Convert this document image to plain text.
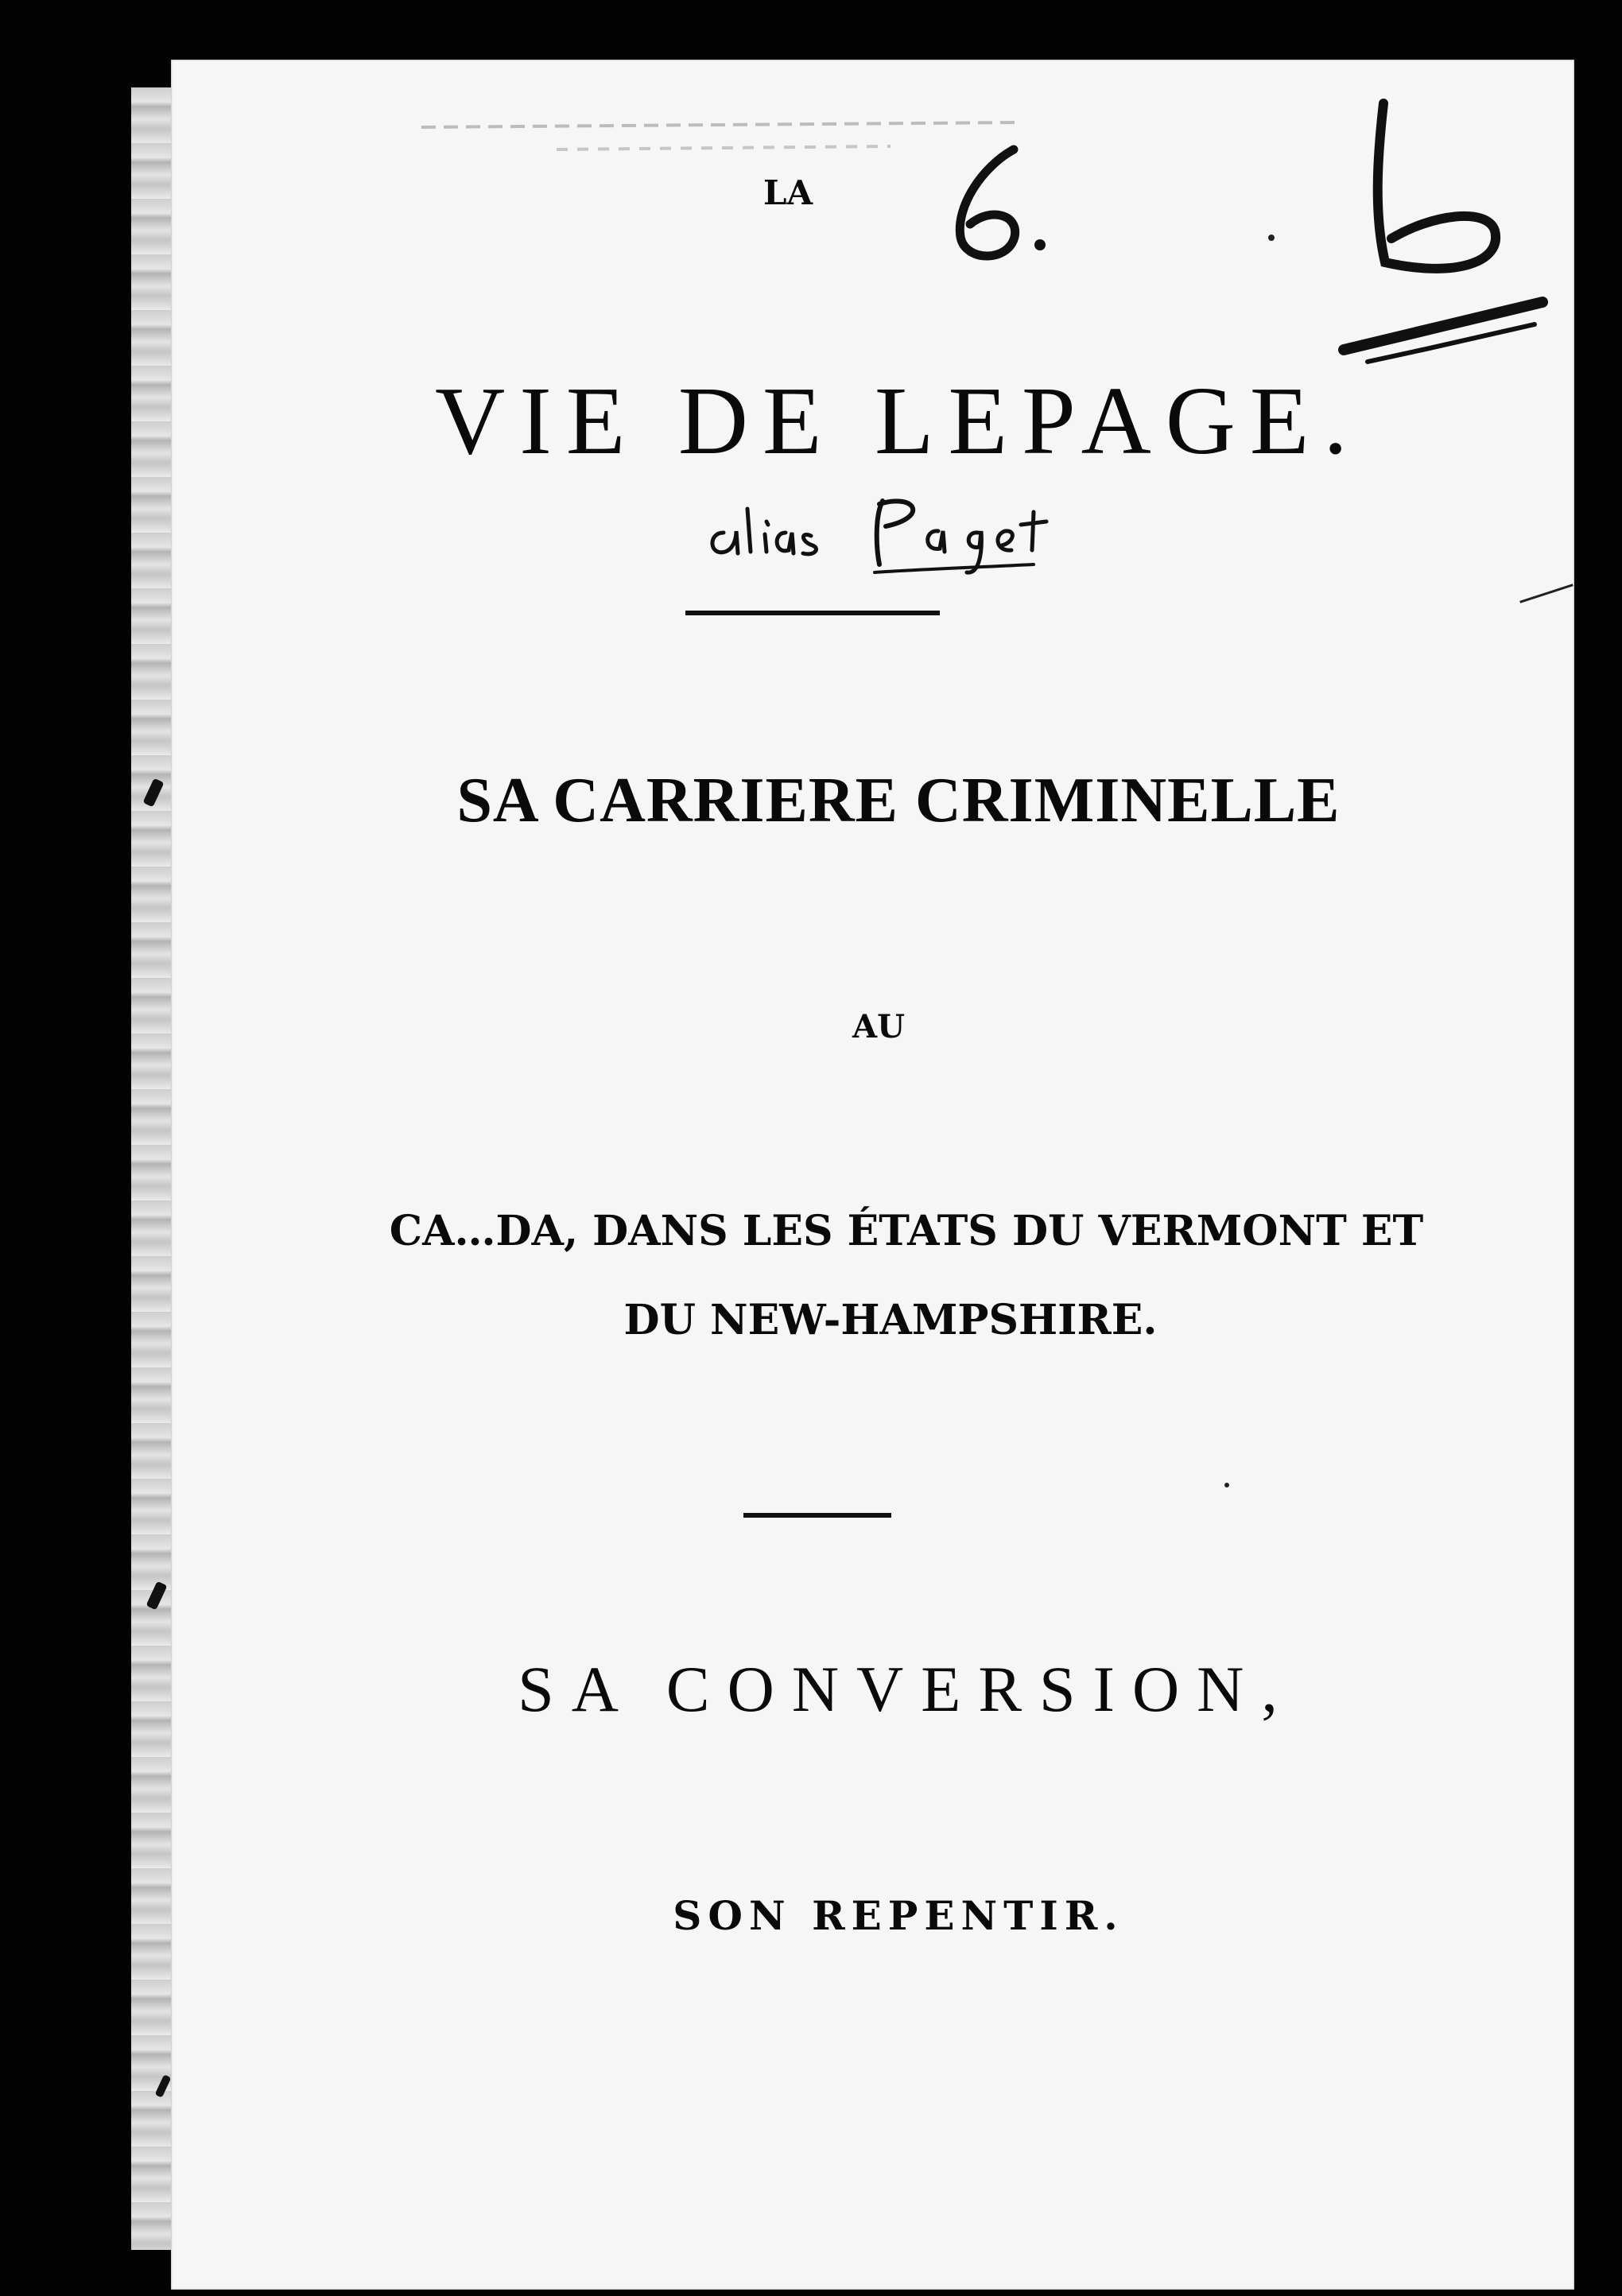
LA
VIE DE LEPAGE.
SA CARRIERE CRIMINELLE
AU
CA…DA, DANS LES ÉTATS DU VERMONT ET
DU NEW-HAMPSHIRE.
SA CONVERSION,
SON REPENTIR.
